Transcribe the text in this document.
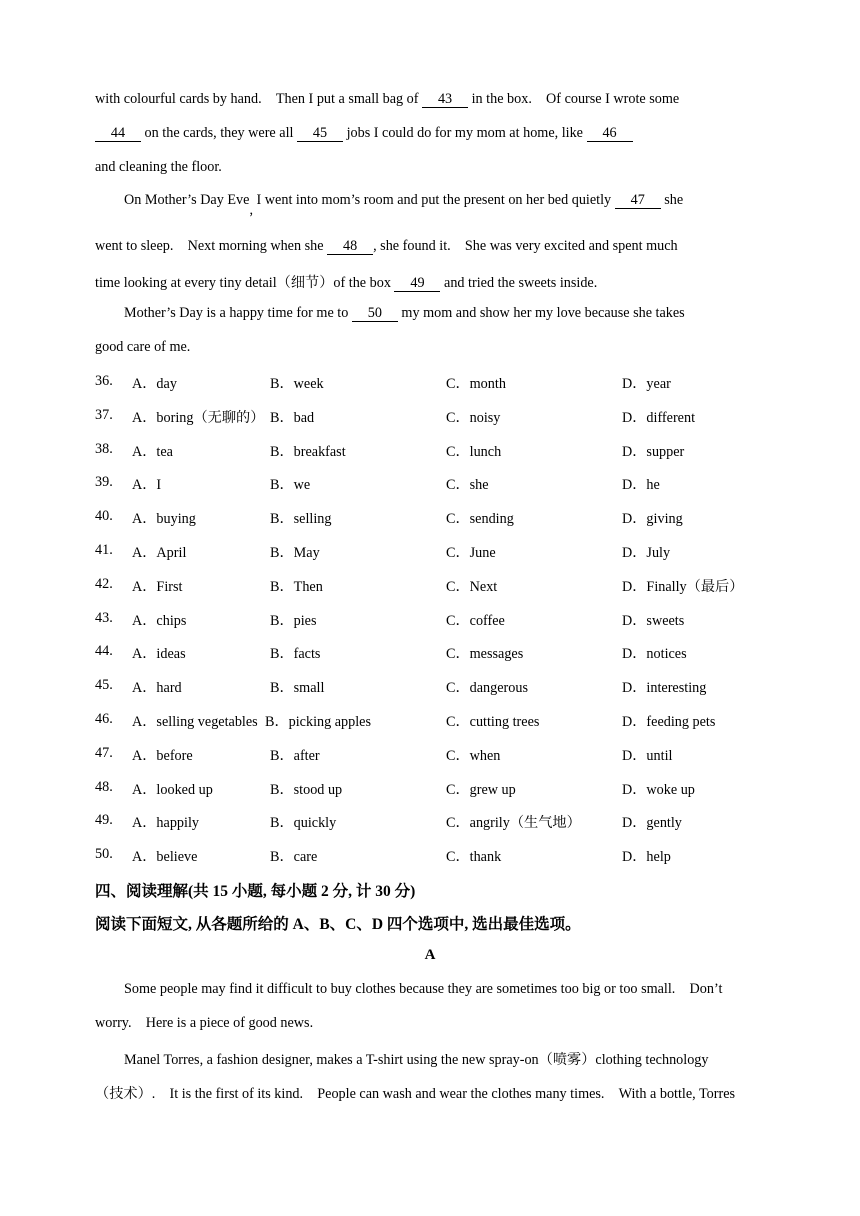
with colourful cards by hand. Then I put a small bag of 43 in the box. Of course I wrote some
44 on the cards, they were all 45 jobs I could do for my mom at home, like 46
and cleaning the floor.
On Mother’s Day Eve, I went into mom’s room and put the present on her bed quietly 47 she
went to sleep. Next morning when she 48 , she found it. She was very excited and spent much
time looking at every tiny detail（细节）of the box 49 and tried the sweets inside.
Mother’s Day is a happy time for me to 50 my mom and show her my love because she takes
good care of me.
36. A．day	B．week	C．month	D．year
37. A．boring（无聊的） B．bad	C．noisy	D．different
38. A．tea	B．breakfast	C．lunch	D．supper
39. A．I	B．we	C．she	D．he
40. A．buying	B．selling	C．sending	D．giving
41. A．April	B．May	C．June	D．July
42. A．First	B．Then	C．Next	D．Finally（最后）
43. A．chips	B．pies	C．coffee	D．sweets
44. A．ideas	B．facts	C．messages	D．notices
45. A．hard	B．small	C．dangerous	D．interesting
46. A．selling vegetables B．picking apples	C．cutting trees	D．feeding pets
47. A．before	B．after	C．when	D．until
48. A．looked up	B．stood up	C．grew up	D．woke up
49. A．happily	B．quickly	C．angrily（生气地）	D．gently
50. A．believe	B．care	C．thank	D．help
四、阅读理解(共 15 小题, 每小题 2 分, 计 30 分)
阅读下面短文, 从各题所给的 A、B、C、D 四个选项中, 选出最佳选项。
A
Some people may find it difficult to buy clothes because they are sometimes too big or too small. Don’t
worry. Here is a piece of good news.
Manel Torres, a fashion designer, makes a T-shirt using the new spray-on（喷雾）clothing technology
（技术）. It is the first of its kind. People can wash and wear the clothes many times. With a bottle, Torres
